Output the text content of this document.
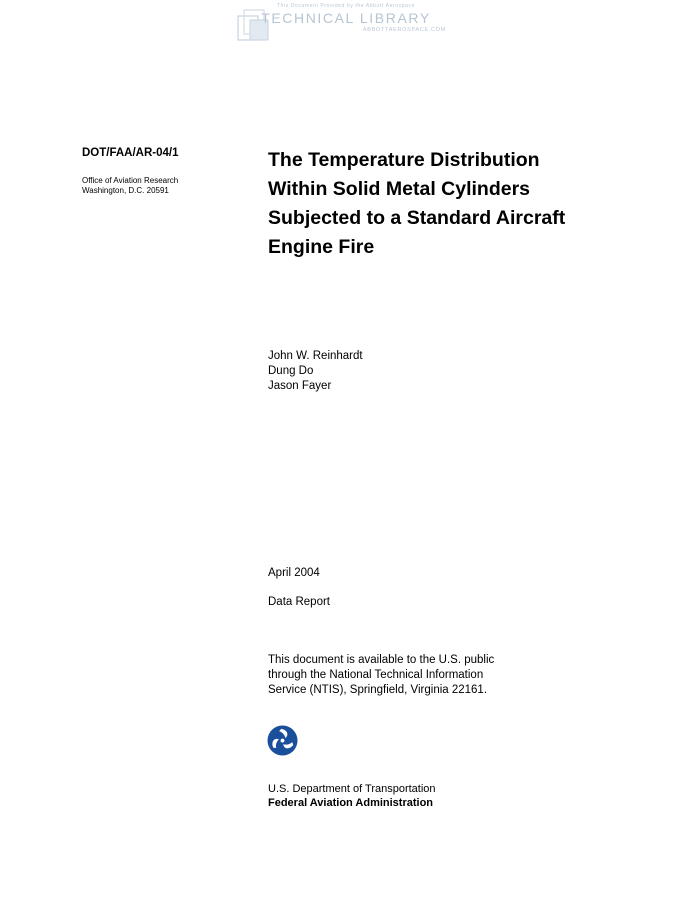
This Document Provided by the Abbott Aerospace
TECHNICAL LIBRARY
ABBOTTAEROSPACE.COM
DOT/FAA/AR-04/1
Office of Aviation Research
Washington, D.C. 20591
The Temperature Distribution
Within Solid Metal Cylinders
Subjected to a Standard Aircraft
Engine Fire
John W. Reinhardt
Dung Do
Jason Fayer
April 2004
Data Report
This document is available to the U.S. public
through the National Technical Information
Service (NTIS), Springfield, Virginia 22161.
U.S. Department of Transportation
Federal Aviation Administration
